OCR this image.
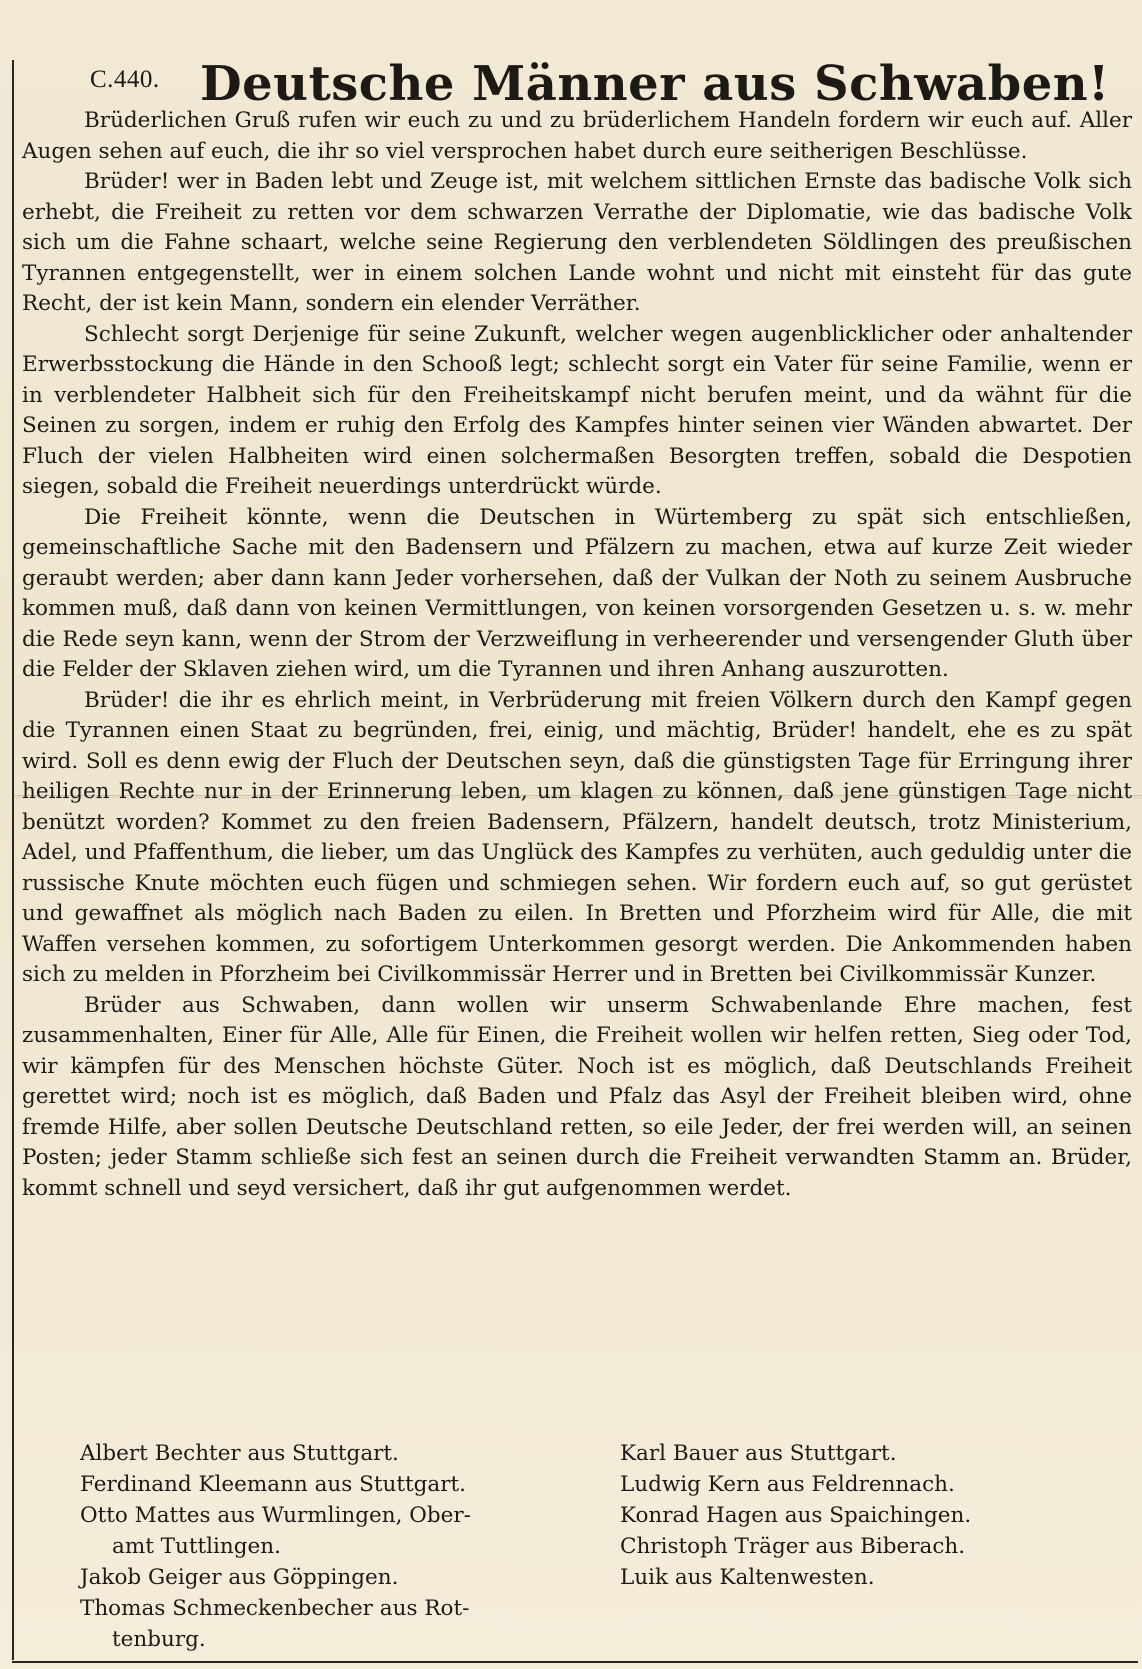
C.440. Deutsche Männer aus Schwaben!

Brüderlichen Gruß rufen wir euch zu und zu brüderlichem Handeln fordern wir euch auf. Aller Augen sehen auf euch, die ihr so viel versprochen habet durch eure seitherigen Beschlüsse.

Brüder! wer in Baden lebt und Zeuge ist, mit welchem sittlichen Ernste das badische Volk sich erhebt, die Freiheit zu retten vor dem schwarzen Verrathe der Diplomatie, wie das badische Volk sich um die Fahne schaart, welche seine Regierung den verblendeten Söldlingen des preußischen Tyrannen entgegenstellt, wer in einem solchen Lande wohnt und nicht mit einsteht für das gute Recht, der ist kein Mann, sondern ein elender Verräther.

Schlecht sorgt Derjenige für seine Zukunft, welcher wegen augenblicklicher oder anhaltender Erwerbsstockung die Hände in den Schooß legt; schlecht sorgt ein Vater für seine Familie, wenn er in verblendeter Halbheit sich für den Freiheitskampf nicht berufen meint, und da wähnt für die Seinen zu sorgen, indem er ruhig den Erfolg des Kampfes hinter seinen vier Wänden abwartet. Der Fluch der vielen Halbheiten wird einen solchermaßen Besorgten treffen, sobald die Despotien siegen, sobald die Freiheit neuerdings unterdrückt würde.

Die Freiheit könnte, wenn die Deutschen in Würtemberg zu spät sich entschließen, gemeinschaftliche Sache mit den Badensern und Pfälzern zu machen, etwa auf kurze Zeit wieder geraubt werden; aber dann kann Jeder vorhersehen, daß der Vulkan der Noth zu seinem Ausbruche kommen muß, daß dann von keinen Vermittlungen, von keinen vorsorgenden Gesetzen u. s. w. mehr die Rede seyn kann, wenn der Strom der Verzweiflung in verheerender und versengender Gluth über die Felder der Sklaven ziehen wird, um die Tyrannen und ihren Anhang auszurotten.

Brüder! die ihr es ehrlich meint, in Verbrüderung mit freien Völkern durch den Kampf gegen die Tyrannen einen Staat zu begründen, frei, einig, und mächtig, Brüder! handelt, ehe es zu spät wird. Soll es denn ewig der Fluch der Deutschen seyn, daß die günstigsten Tage für Erringung ihrer heiligen Rechte nur in der Erinnerung leben, um klagen zu können, daß jene günstigen Tage nicht benützt worden? Kommet zu den freien Badensern, Pfälzern, handelt deutsch, trotz Ministerium, Adel, und Pfaffenthum, die lieber, um das Unglück des Kampfes zu verhüten, auch geduldig unter die russische Knute möchten euch fügen und schmiegen sehen. Wir fordern euch auf, so gut gerüstet und gewaffnet als möglich nach Baden zu eilen. In Bretten und Pforzheim wird für Alle, die mit Waffen versehen kommen, zu sofortigem Unterkommen gesorgt werden. Die Ankommenden haben sich zu melden in Pforzheim bei Civilkommissär Herrer und in Bretten bei Civilkommissär Kunzer.

Brüder aus Schwaben, dann wollen wir unserm Schwabenlande Ehre machen, fest zusammenhalten, Einer für Alle, Alle für Einen, die Freiheit wollen wir helfen retten, Sieg oder Tod, wir kämpfen für des Menschen höchste Güter. Noch ist es möglich, daß Deutschlands Freiheit gerettet wird; noch ist es möglich, daß Baden und Pfalz das Asyl der Freiheit bleiben wird, ohne fremde Hilfe, aber sollen Deutsche Deutschland retten, so eile Jeder, der frei werden will, an seinen Posten; jeder Stamm schließe sich fest an seinen durch die Freiheit verwandten Stamm an. Brüder, kommt schnell und seyd versichert, daß ihr gut aufgenommen werdet.

Albert Bechter aus Stuttgart.
Ferdinand Kleemann aus Stuttgart.
Otto Mattes aus Wurmlingen, Ober-
amt Tuttlingen.
Jakob Geiger aus Göppingen.
Thomas Schmeckenbecher aus Rot-
tenburg.
Karl Bauer aus Stuttgart.
Ludwig Kern aus Feldrennach.
Konrad Hagen aus Spaichingen.
Christoph Träger aus Biberach.
Luik aus Kaltenwesten.
